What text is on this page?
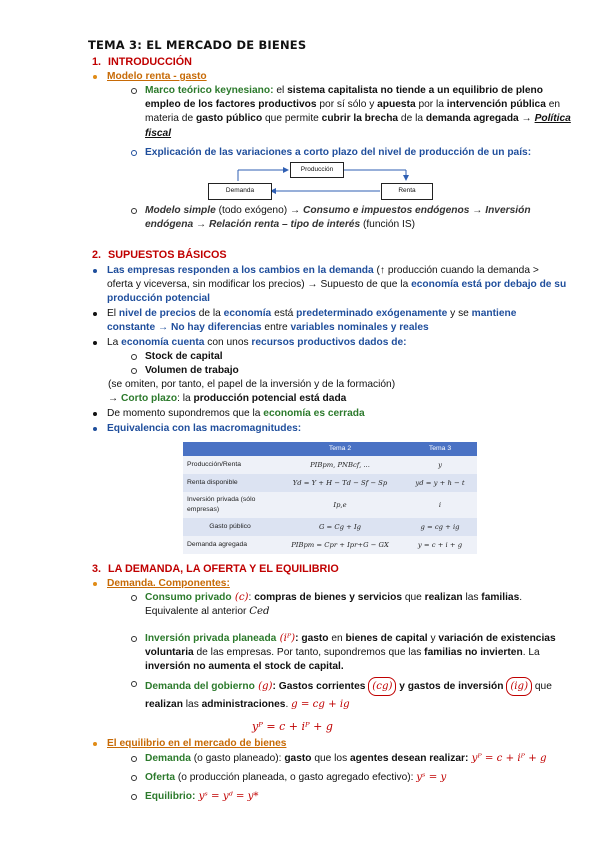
TEMA 3: EL MERCADO DE BIENES
1. INTRODUCCIÓN
Modelo renta - gasto
Marco teórico keynesiano: el sistema capitalista no tiende a un equilibrio de pleno empleo de los factores productivos por sí sólo y apuesta por la intervención pública en materia de gasto público que permite cubrir la brecha de la demanda agregada → Política fiscal
Explicación de las variaciones a corto plazo del nivel de producción de un país:
Producción
Demanda	Renta
Modelo simple (todo exógeno) → Consumo e impuestos endógenos → Inversión endógena → Relación renta – tipo de interés (función IS)
2. SUPUESTOS BÁSICOS
Las empresas responden a los cambios en la demanda (↑ producción cuando la demanda > oferta y viceversa, sin modificar los precios) → Supuesto de que la economía está por debajo de su producción potencial
El nivel de precios de la economía está predeterminado exógenamente y se mantiene constante → No hay diferencias entre variables nominales y reales
La economía cuenta con unos recursos productivos dados de:
Stock de capital
Volumen de trabajo
(se omiten, por tanto, el papel de la inversión y de la formación)
→ Corto plazo: la producción potencial está dada
De momento supondremos que la economía es cerrada
Equivalencia con las macromagnitudes:
	Tema 2	Tema 3
Producción/Renta	PIBpm, PNBcf, ...	y
Renta disponible	Yd = Y + H − Td − Sf − Sp	yd = y + h − t
Inversión privada (sólo empresas)	Ip,e	i
Gasto público	G = Cg + Ig	g = cg + ig
Demanda agregada	PIBpm = Cpr + Ipr+G − GX	y = c + i + g
3. LA DEMANDA, LA OFERTA Y EL EQUILIBRIO
Demanda. Componentes:
Consumo privado (c): compras de bienes y servicios que realizan las familias. Equivalente al anterior Ced
Inversión privada planeada (iᴾ): gasto en bienes de capital y variación de existencias voluntaria de las empresas. Por tanto, supondremos que las familias no invierten. La inversión no aumenta el stock de capital.
Demanda del gobierno (g): Gastos corrientes (cg) y gastos de inversión (ig) que realizan las administraciones. g = cg + ig
yᴾ = c + iᴾ + g
El equilibrio en el mercado de bienes
Demanda (o gasto planeado): gasto que los agentes desean realizar: yᴾ = c + iᴾ + g
Oferta (o producción planeada, o gasto agregado efectivo): yˢ = y
Equilibrio: yˢ = yᵈ = y*
